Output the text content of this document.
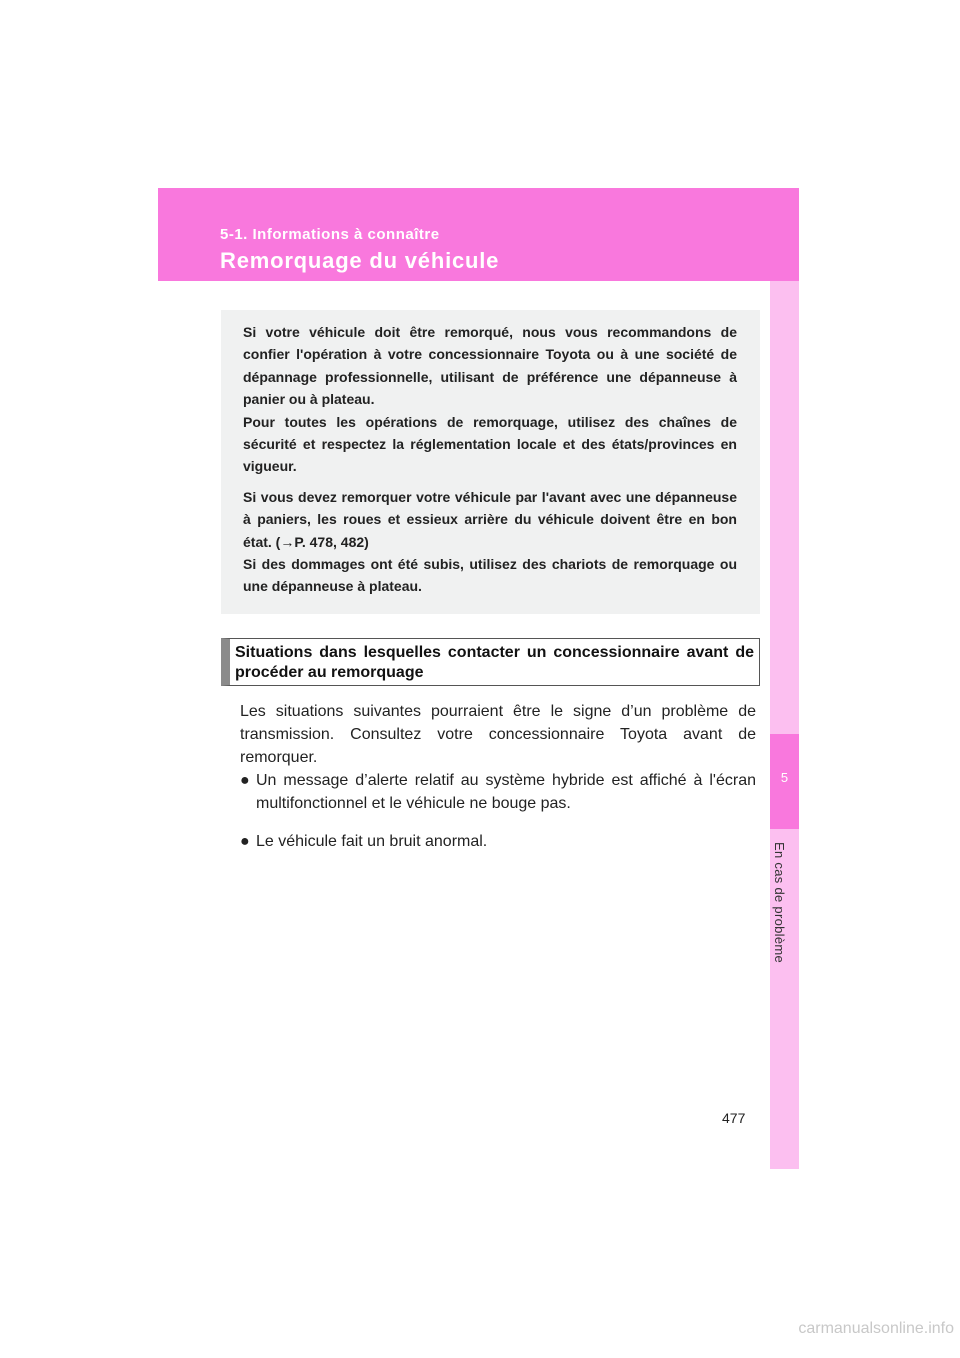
5-1. Informations à connaître
Remorquage du véhicule
5
En cas de problème

Si votre véhicule doit être remorqué, nous vous recommandons de confier l'opération à votre concessionnaire Toyota ou à une société de dépannage professionnelle, utilisant de préférence une dépanneuse à panier ou à plateau.

Pour toutes les opérations de remorquage, utilisez des chaînes de sécurité et respectez la réglementation locale et des états/provinces en vigueur.

Si vous devez remorquer votre véhicule par l'avant avec une dépanneuse à paniers, les roues et essieux arrière du véhicule doivent être en bon état. (→P. 478, 482)

Si des dommages ont été subis, utilisez des chariots de remorquage ou une dépanneuse à plateau.

Situations dans lesquelles contacter un concessionnaire avant de procéder au remorquage

Les situations suivantes pourraient être le signe d’un problème de transmission. Consultez votre concessionnaire Toyota avant de remorquer.

● Un message d’alerte relatif au système hybride est affiché à l'écran multifonctionnel et le véhicule ne bouge pas.
● Le véhicule fait un bruit anormal.
477
carmanualsonline.info
